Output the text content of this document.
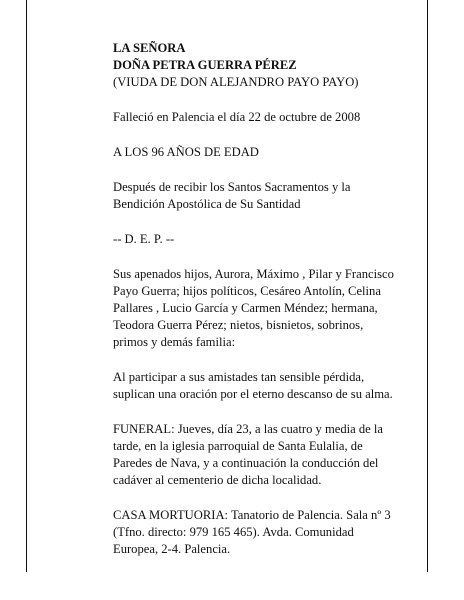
LA SEÑORA

DOÑA PETRA GUERRA PÉREZ

(VIUDA DE DON ALEJANDRO PAYO PAYO)

Falleció en Palencia el día 22 de octubre de 2008

A LOS 96 AÑOS DE EDAD

Después de recibir los Santos Sacramentos y la
Bendición Apostólica de Su Santidad

-- D. E. P. --

Sus apenados hijos, Aurora, Máximo , Pilar y Francisco
Payo Guerra; hijos políticos, Cesáreo Antolín, Celina
Pallares , Lucio García y Carmen Méndez; hermana,
Teodora Guerra Pérez; nietos, bisnietos, sobrinos,
primos y demás familia:

Al participar a sus amistades tan sensible pérdida,
suplican una oración por el eterno descanso de su alma.

FUNERAL: Jueves, día 23, a las cuatro y media de la
tarde, en la iglesia parroquial de Santa Eulalia, de
Paredes de Nava, y a continuación la conducción del
cadáver al cementerio de dicha localidad.

CASA MORTUORIA: Tanatorio de Palencia. Sala nº 3
(Tfno. directo: 979 165 465). Avda. Comunidad
Europea, 2-4. Palencia.
